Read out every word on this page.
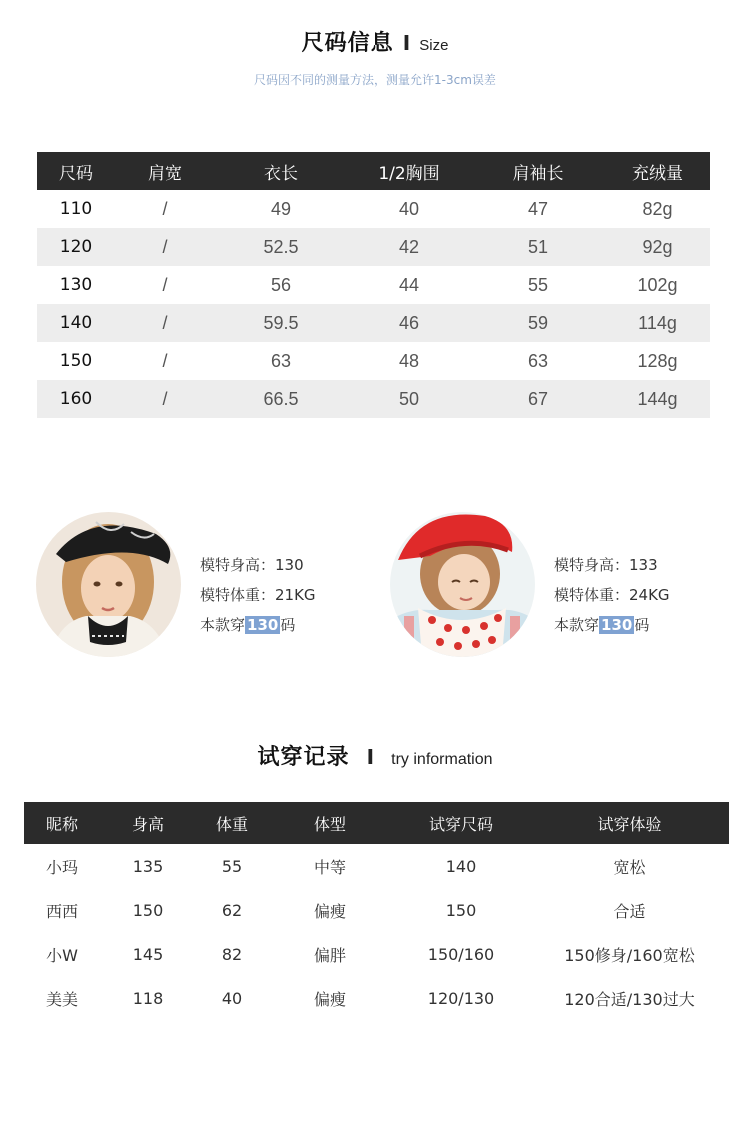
尺码信息 I Size
尺码因不同的测量方法，测量允许1-3cm误差
尺码	肩宽	衣长	1/2胸围	肩袖长	充绒量
110	/	49	40	47	82g
120	/	52.5	42	51	92g
130	/	56	44	55	102g
140	/	59.5	46	59	114g
150	/	63	48	63	128g
160	/	66.5	50	67	144g
模特身高：130
模特体重：21KG
本款穿 130 码
模特身高：133
模特体重：24KG
本款穿 130 码
试穿记录 I try information
昵称	身高	体重	体型	试穿尺码	试穿体验
小玛	135	55	中等	140	宽松
西西	150	62	偏瘦	150	合适
小W	145	82	偏胖	150/160	150修身/160宽松
美美	118	40	偏瘦	120/130	120合适/130过大
